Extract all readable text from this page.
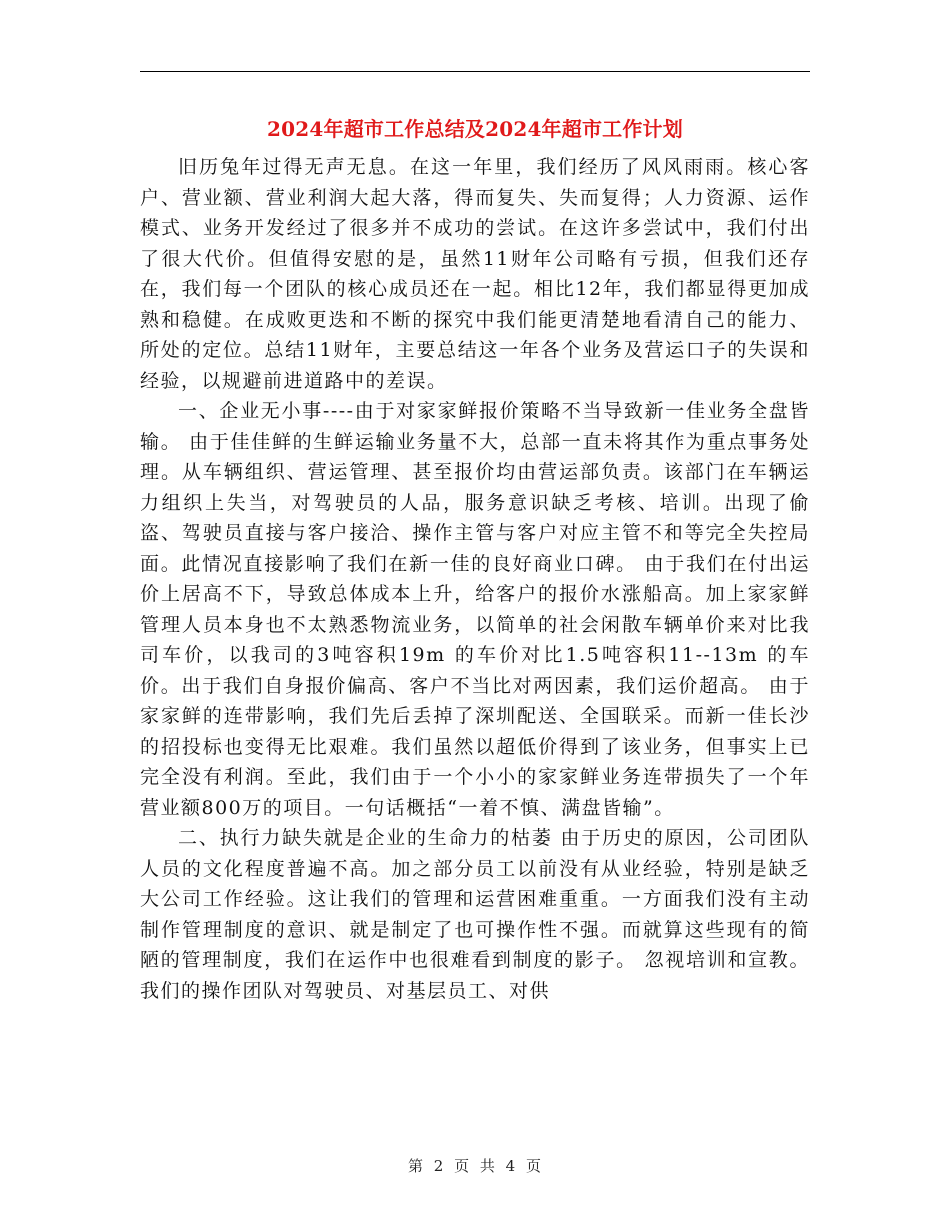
2024年超市工作总结及2024年超市工作计划

旧历兔年过得无声无息。在这一年里，我们经历了风风雨雨。核心客户、营业额、营业利润大起大落，得而复失、失而复得；人力资源、运作模式、业务开发经过了很多并不成功的尝试。在这许多尝试中，我们付出了很大代价。但值得安慰的是，虽然11财年公司略有亏损，但我们还存在，我们每一个团队的核心成员还在一起。相比12年，我们都显得更加成熟和稳健。在成败更迭和不断的探究中我们能更清楚地看清自己的能力、所处的定位。总结11财年，主要总结这一年各个业务及营运口子的失误和经验，以规避前进道路中的差误。

一、企业无小事----由于对家家鲜报价策略不当导致新一佳业务全盘皆输。 由于佳佳鲜的生鲜运输业务量不大，总部一直未将其作为重点事务处理。从车辆组织、营运管理、甚至报价均由营运部负责。该部门在车辆运力组织上失当，对驾驶员的人品，服务意识缺乏考核、培训。出现了偷盗、驾驶员直接与客户接洽、操作主管与客户对应主管不和等完全失控局面。此情况直接影响了我们在新一佳的良好商业口碑。 由于我们在付出运价上居高不下，导致总体成本上升，给客户的报价水涨船高。加上家家鲜管理人员本身也不太熟悉物流业务，以简单的社会闲散车辆单价来对比我司车价，以我司的3吨容积19m 的车价对比1.5吨容积11--13m 的车价。出于我们自身报价偏高、客户不当比对两因素，我们运价超高。 由于家家鲜的连带影响，我们先后丢掉了深圳配送、全国联采。而新一佳长沙的招投标也变得无比艰难。我们虽然以超低价得到了该业务，但事实上已完全没有利润。至此，我们由于一个小小的家家鲜业务连带损失了一个年营业额800万的项目。一句话概括“一着不慎、满盘皆输”。

二、执行力缺失就是企业的生命力的枯萎 由于历史的原因，公司团队人员的文化程度普遍不高。加之部分员工以前没有从业经验，特别是缺乏大公司工作经验。这让我们的管理和运营困难重重。一方面我们没有主动制作管理制度的意识、就是制定了也可操作性不强。而就算这些现有的简陋的管理制度，我们在运作中也很难看到制度的影子。 忽视培训和宣教。我们的操作团队对驾驶员、对基层员工、对供

第 2 页 共 4 页
